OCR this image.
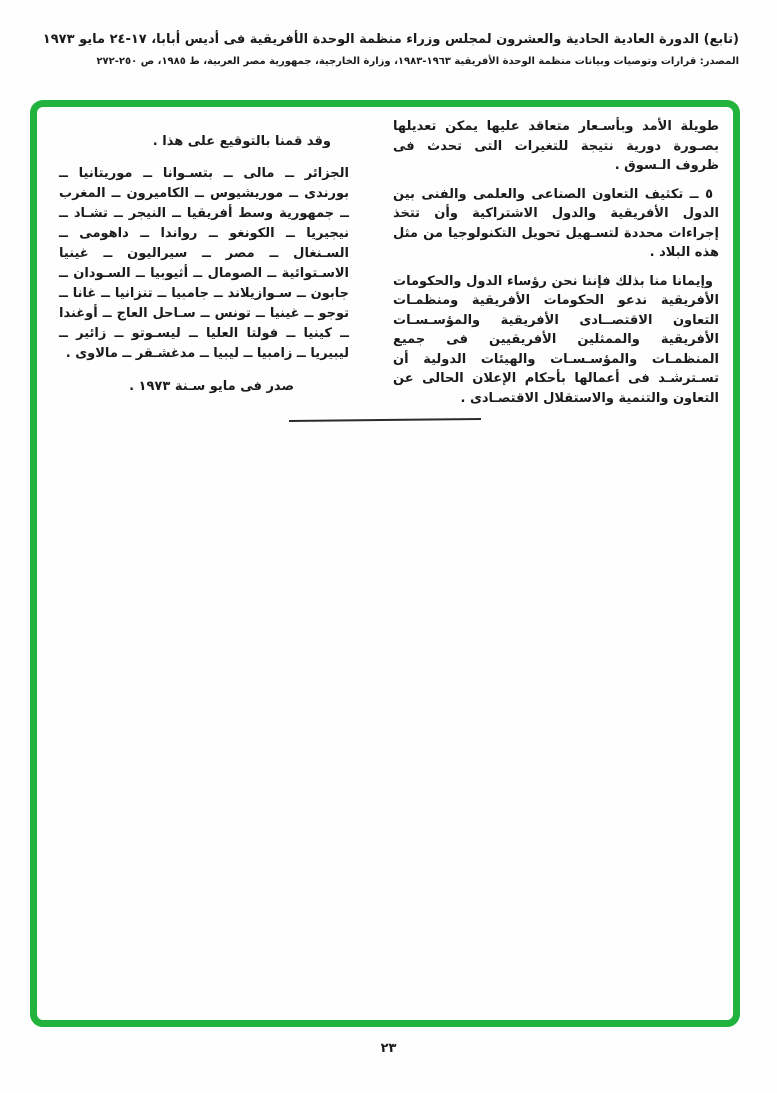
(تابع) الدورة العادية الحادية والعشرون لمجلس وزراء منظمة الوحدة الأفريقية فى أديس أبابا، ١٧-٢٤ مايو ١٩٧٣
المصدر: قرارات وتوصيات وبيانات منظمة الوحدة الأفريقية ١٩٦٣-١٩٨٣، وزارة الخارجية، جمهورية مصر العربية، ط ١٩٨٥، ص ٢٥٠-٢٧٢

طويلة الأمد وبأسـعار متعاقد عليها يمكن تعديلها بصـورة دورية نتيجة للتغيرات التى تحدث فى ظروف الـسوق .

٥ ــ تكثيف التعاون الصناعى والعلمى والفنى بين الدول الأفريقية والدول الاشتراكية وأن تتخذ إجراءات محددة لتسـهيل تحويل التكنولوجيا من مثل هذه البلاد .

وإيمانا منا بذلك فإننا نحن رؤساء الدول والحكومات الأفريقية ندعو الحكومات الأفريقية ومنظمـات التعاون الاقتصــادى الأفريقية والمؤسـسـات الأفريقية والممثلين الأفريقيين فى جميع المنظمـات والمؤسـسـات والهيئات الدولية أن تسـترشـد فى أعمالها بأحكام الإعلان الحالى عن التعاون والتنمية والاستقلال الاقتصـادى .

وقد قمنا بالتوقيع على هذا .

الجزائر ــ مالى ــ بتسـوانا ــ موريتانيا ــ بورندى ــ موريشيوس ــ الكاميرون ــ المغرب ــ جمهورية وسط أفريقيا ــ النيجر ــ تشـاد ــ نيجيريا ــ الكونغو ــ رواندا ــ داهومى ــ السـنغال ــ مصر ــ سيراليون ــ غينيا الاسـتوائية ــ الصومال ــ أثيوبيا ــ السـودان ــ جابون ــ سـوازيلاند ــ جامبيا ــ تنزانيا ــ غانا ــ توجو ــ غينيا ــ تونس ــ سـاحل العاج ــ أوغندا ــ كينيا ــ فولتا العليا ــ ليسـوتو ــ زائير ــ ليبيريا ــ زامبيا ــ ليبيا ــ مدغشـقر ــ مالاوى .

صدر فى مايو سـنة ١٩٧٣ .

٢٣
